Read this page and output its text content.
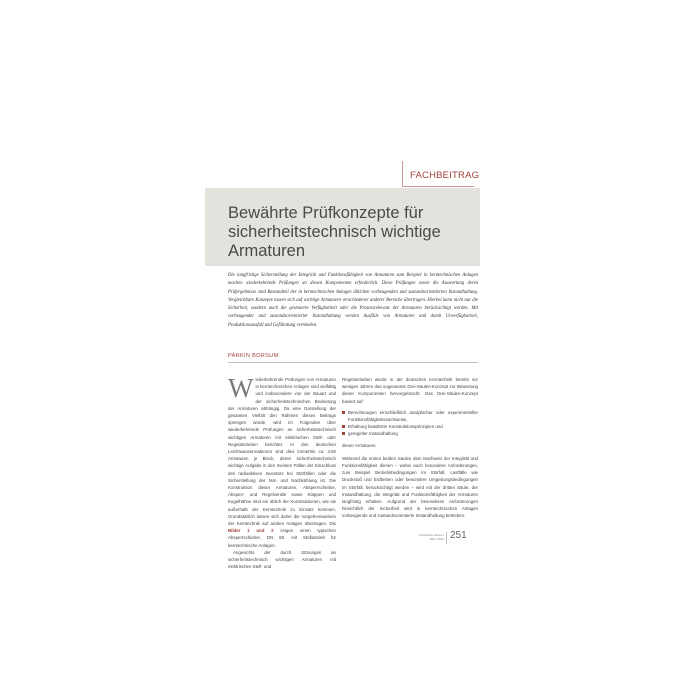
FACHBEITRAG
Bewährte Prüfkonzepte für sicherheitstechnisch wichtige Armaturen

Die langfristige Sicherstellung der Integrität und Funktionsfähigkeit von Armaturen zum Beispiel in kerntechnischen Anlagen machen wiederkehrende Prüfungen an diesen Komponenten erforderlich. Diese Prüfungen sowie die Auswertung deren Prüfergebnisse sind Bestandteil der in kerntechnischen Anlagen üblichen vorbeugenden und zustandsorientierten Instandhaltung. Vergleichbare Konzepte lassen sich auf wichtige Armaturen verschiedener anderer Bereiche übertragen. Hierbei kann nicht nur die Sicherheit, sondern auch die gesteuerte Verfügbarkeit oder die Prozessrelevanz der Armaturen berücksichtigt werden. Mit vorbeugender und zustandsorientierter Instandhaltung werden Ausfälle von Armaturen und damit Unverfügbarkeit, Produktionsausfall und Gefährdung vermieden.

PARKIN BORSUM

Wiederkehrende Prüfungen von Armaturen in kerntechnischen Anlagen sind vielfältig und insbesondere von der Bauart und der sicherheitstechnischen Bedeutung der Armaturen abhängig. Da eine Darstellung der gesamten Vielfalt den Rahmen dieses Beitrags sprengen würde, wird im Folgenden über wiederkehrende Prüfungen an sicherheitstechnisch wichtigen Armaturen mit elektrischen Stell- oder Regelantrieben berichtet. In den deutschen Leichtwasserreaktoren sind dies immerhin ca. 3.50 Armaturen je Block, deren sicherheitstechnisch wichtige Aufgabe in den meisten Fällen der Einschluss des radioaktiven Inventars bei Störfällen oder die Sicherstellung der Not- und Nachkühlung ist. Die Konstruktion dieser Armaturen, Absperrschieber, Absperr- und Regelventile sowie Klappen und Kugelhähne sind ein üblich der Konstruktionen, wie sie außerhalb der Kerntechnik zu Einsatz kommen. Grundsätzlich lassen sich daher die Vorgehensweisen der Kerntechnik auf andere Anlagen übertragen. Die Bilder 1 und 2 zeigen einen typischen Absperrschieber, DN 80, mit Stellantrieb für kerntechnische Anlagen.

Angesichts der durch Störungen an sicherheitstechnisch wichtigen Armaturen mit elektrischen Stell- und

Regelantrieben wurde in der deutschen Kerntechnik bereits vor wenigen Jahren das sogenannte Drei-Säulen-Konzept zur Bewertung dieser Komponenten hervorgebracht. Das Drei-Säulen-Konzept basiert auf:

Berechnungen einschließlich analytischer oder experimenteller Funktionsfähigkeitsnachweise,
Erhaltung bewährter Konstruktionsprinzipien und
geregelter Instandhaltung

dieser Armaturen.

Während die ersten beiden Säulen dem Nachweis der Integrität und Funktionsfähigkeit dienen – wobei auch besondere Anforderungen, zum Beispiel Betriebsbedingungen im Störfall, Lastfälle wie Druckstoß und Erdbeben oder besondere Umgebungsbedingungen im Störfall, berücksichtigt werden – wird mit der dritten Säule, der Instandhaltung, die Integrität und Funktionsfähigkeit der Armaturen langfristig erhalten. Aufgrund der besonderen Anforderungen hinsichtlich der Sicherheit wird in kerntechnischen Anlagen vorbeugende und zustandsorientierte Instandhaltung betrieben.

Industriearmaturen März 2016 251
